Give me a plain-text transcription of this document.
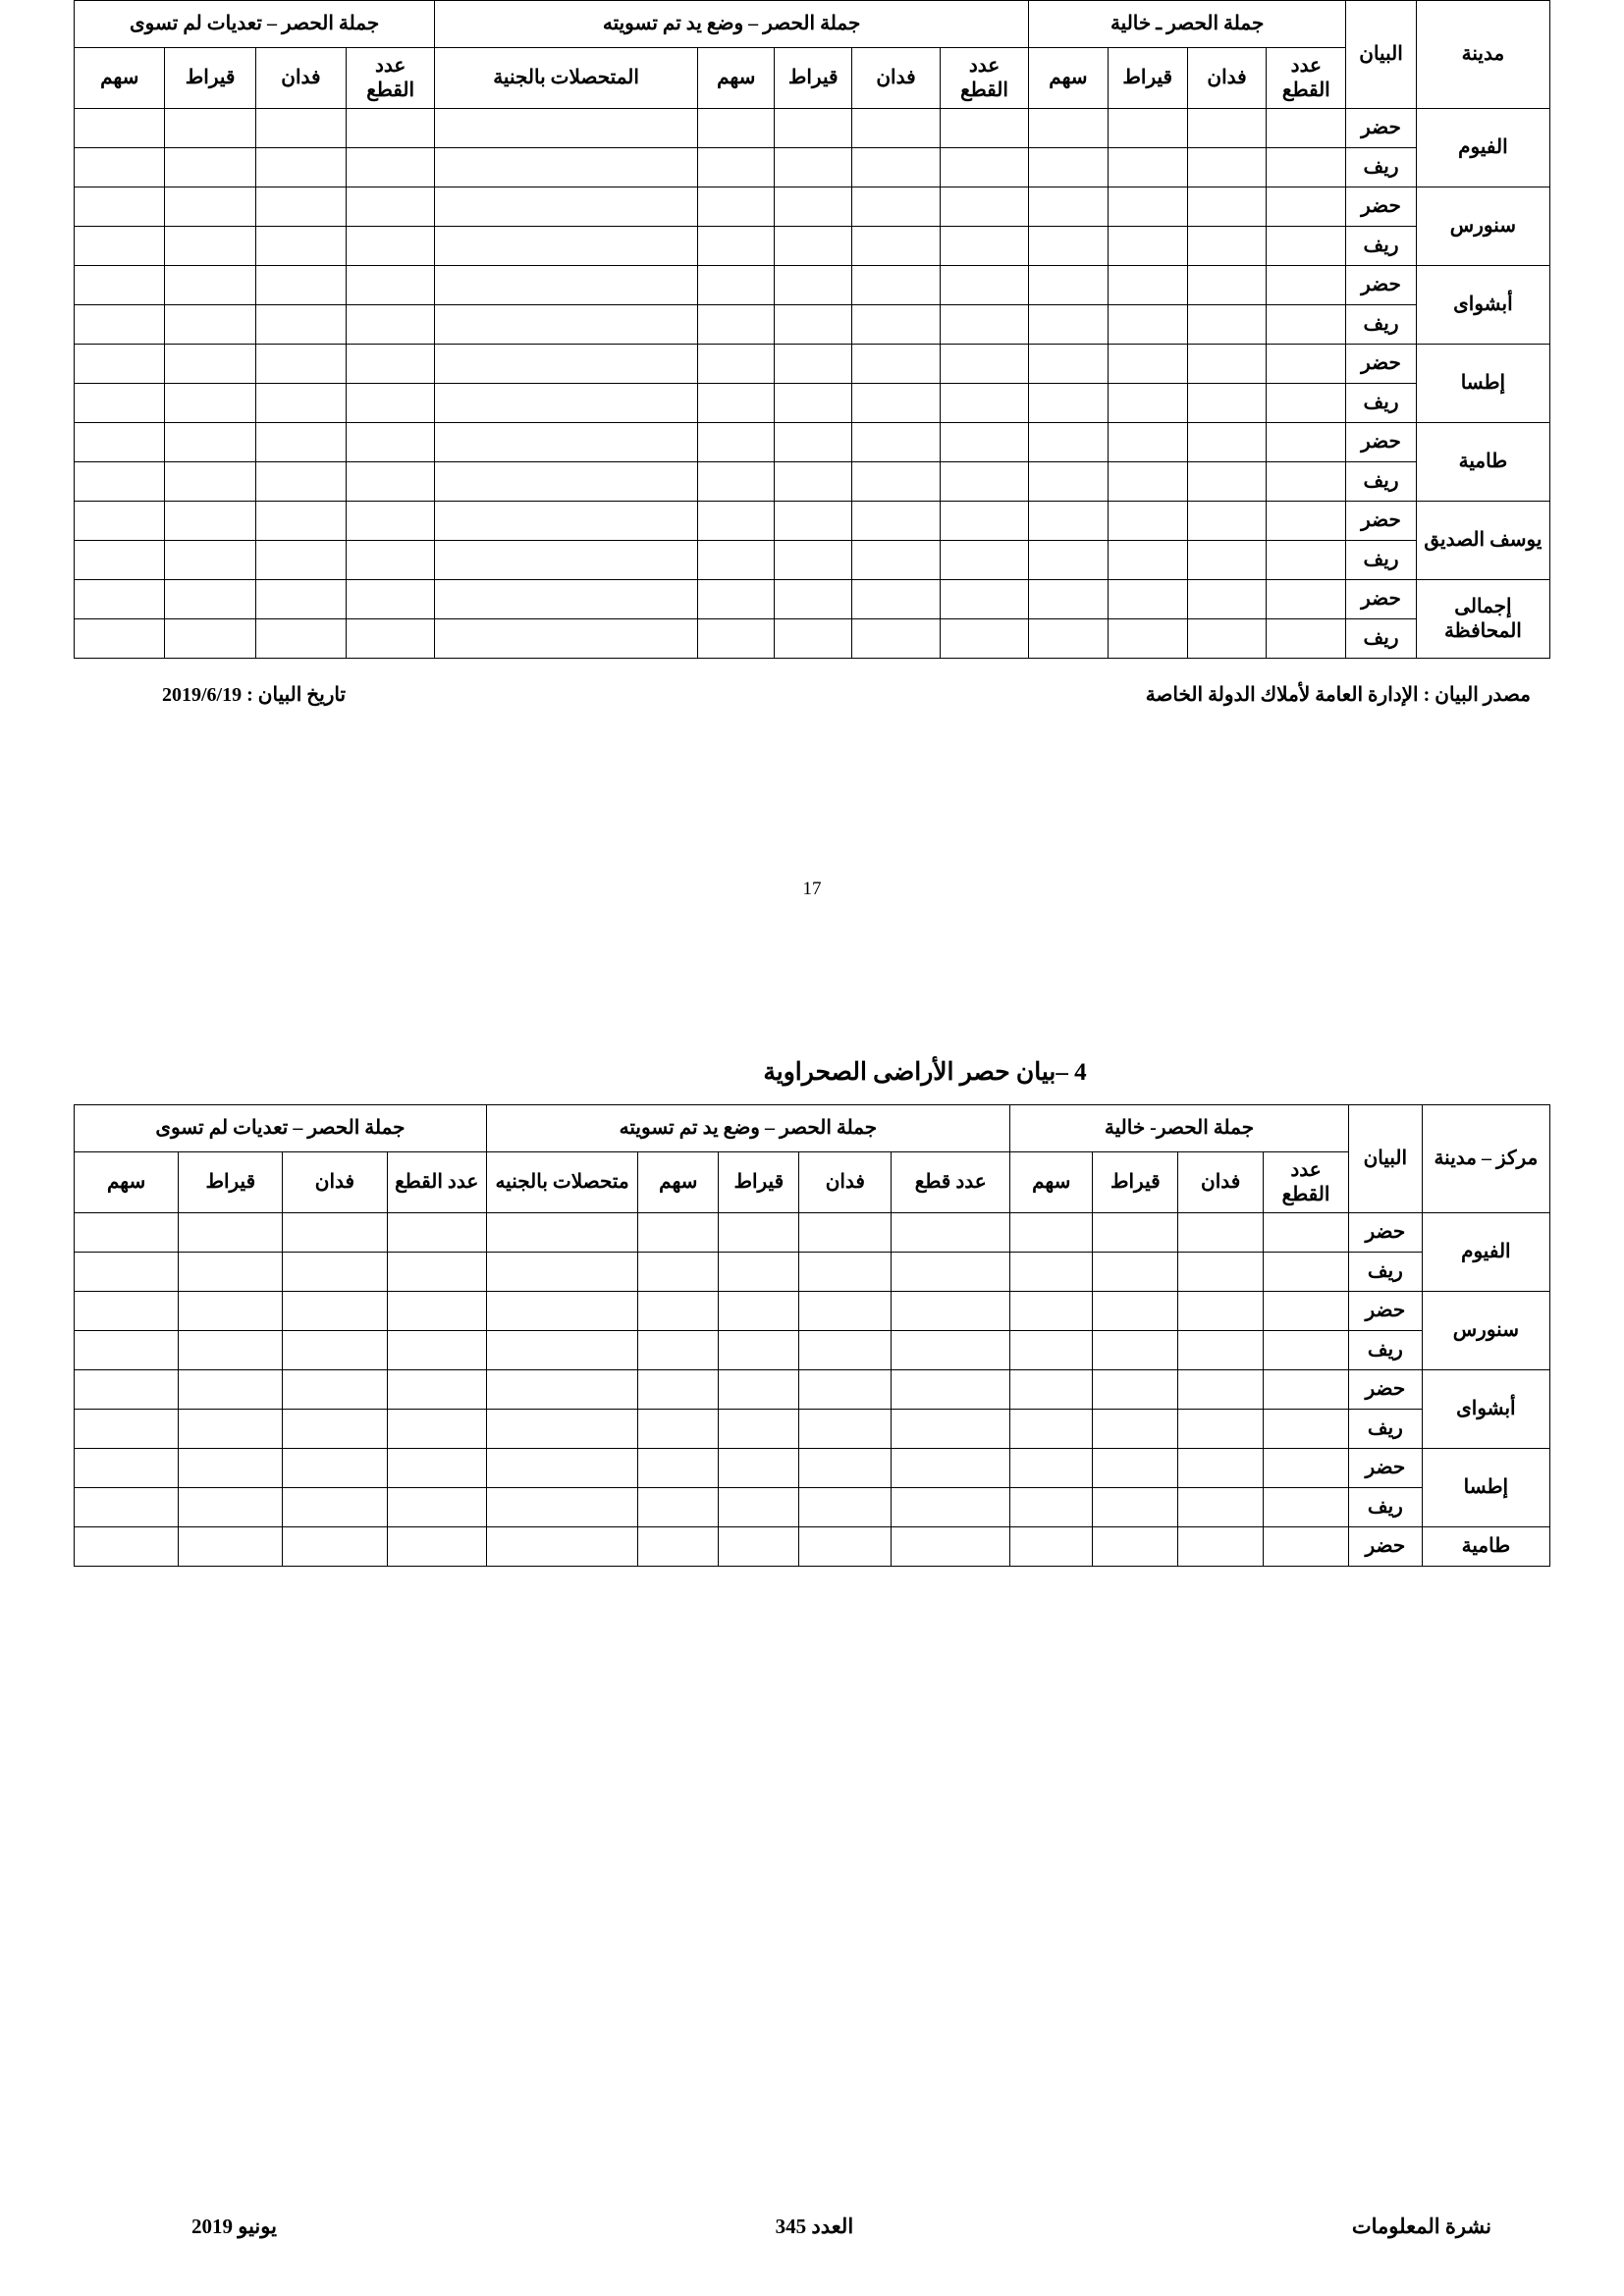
مدينة	البيان	جملة الحصر ـ خالية				جملة الحصر – وضع يد تم تسويته					جملة الحصر – تعديات لم تسوى			
		عدد القطع	فدان	قيراط	سهم	عدد القطع	فدان	قيراط	سهم	المتحصلات بالجنية	عدد القطع	فدان	قيراط	سهم
الفيوم	حضر													
	ريف													
سنورس	حضر													
	ريف													
أبشواى	حضر													
	ريف													
إطسا	حضر													
	ريف													
طامية	حضر													
	ريف													
يوسف الصديق	حضر													
	ريف													
إجمالى المحافظة	حضر													
	ريف													
مصدر البيان : الإدارة العامة لأملاك الدولة الخاصة
تاريخ البيان : 2019/6/19
17
4 –بيان حصر الأراضى الصحراوية
مركز – مدينة	البيان	جملة الحصر- خالية				جملة الحصر – وضع يد تم تسويته					جملة الحصر – تعديات لم تسوى			
		عدد القطع	فدان	قيراط	سهم	عدد قطع	فدان	قيراط	سهم	متحصلات بالجنيه	عدد القطع	فدان	قيراط	سهم
الفيوم	حضر													
	ريف													
سنورس	حضر													
	ريف													
أبشواى	حضر													
	ريف													
إطسا	حضر													
	ريف													
طامية	حضر													
نشرة المعلومات
العدد 345
يونيو 2019
